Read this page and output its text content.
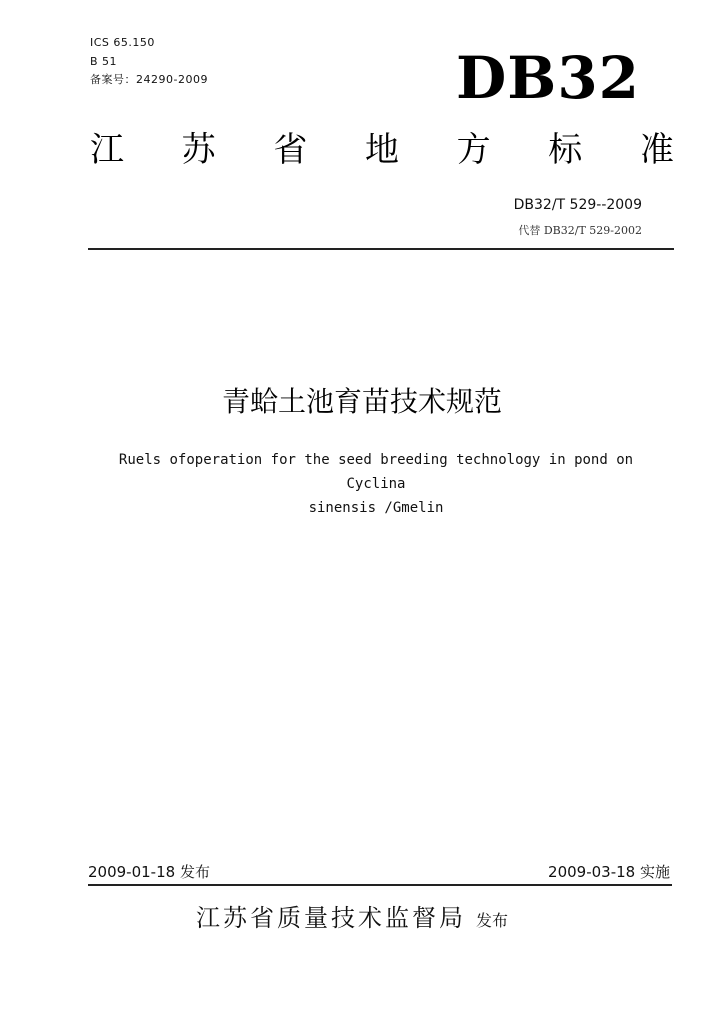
ICS 65.150
B 51
备案号：24290-2009	DB32
江 苏 省 地 方 标 准
DB32/T 529--2009
代替 DB32/T 529-2002
青蛤土池育苗技术规范
Ruels ofoperation for the seed breeding technology in pond on Cyclina
sinensis /Gmelin
2009-01-18 发布	2009-03-18 实施
江苏省质量技术监督局 发布
